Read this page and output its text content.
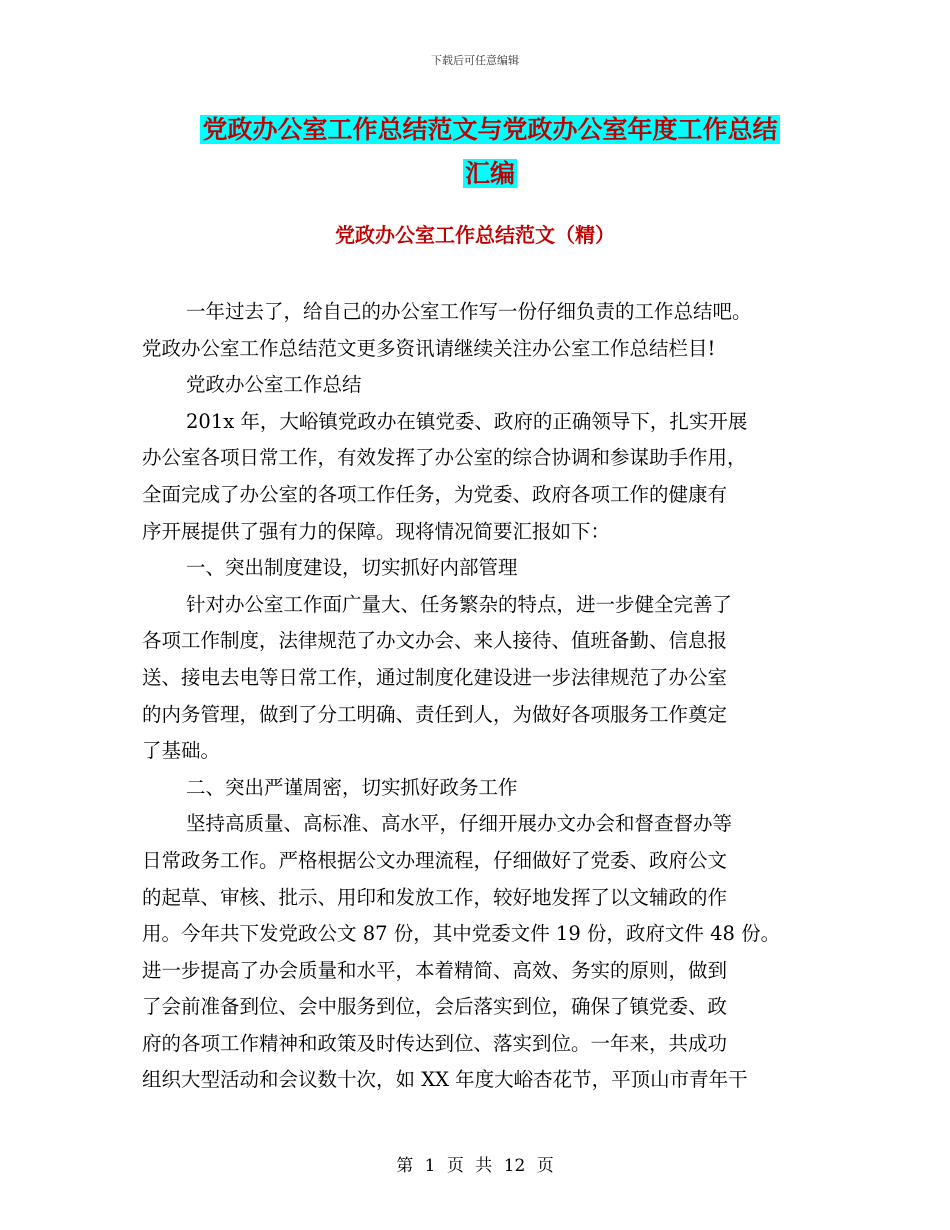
下载后可任意编辑
党政办公室工作总结范文与党政办公室年度工作总结
汇编
党政办公室工作总结范文（精）
一年过去了，给自己的办公室工作写一份仔细负责的工作总结吧。
党政办公室工作总结范文更多资讯请继续关注办公室工作总结栏目!
党政办公室工作总结
201x 年，大峪镇党政办在镇党委、政府的正确领导下，扎实开展
办公室各项日常工作，有效发挥了办公室的综合协调和参谋助手作用，
全面完成了办公室的各项工作任务，为党委、政府各项工作的健康有
序开展提供了强有力的保障。现将情况简要汇报如下：
一、突出制度建设，切实抓好内部管理
针对办公室工作面广量大、任务繁杂的特点，进一步健全完善了
各项工作制度，法律规范了办文办会、来人接待、值班备勤、信息报
送、接电去电等日常工作，通过制度化建设进一步法律规范了办公室
的内务管理，做到了分工明确、责任到人，为做好各项服务工作奠定
了基础。
二、突出严谨周密，切实抓好政务工作
坚持高质量、高标准、高水平，仔细开展办文办会和督查督办等
日常政务工作。严格根据公文办理流程，仔细做好了党委、政府公文
的起草、审核、批示、用印和发放工作，较好地发挥了以文辅政的作
用。今年共下发党政公文 87 份，其中党委文件 19 份，政府文件 48 份。
进一步提高了办会质量和水平，本着精简、高效、务实的原则，做到
了会前准备到位、会中服务到位，会后落实到位，确保了镇党委、政
府的各项工作精神和政策及时传达到位、落实到位。一年来，共成功
组织大型活动和会议数十次，如 XX 年度大峪杏花节，平顶山市青年干
第 1 页 共 12 页
